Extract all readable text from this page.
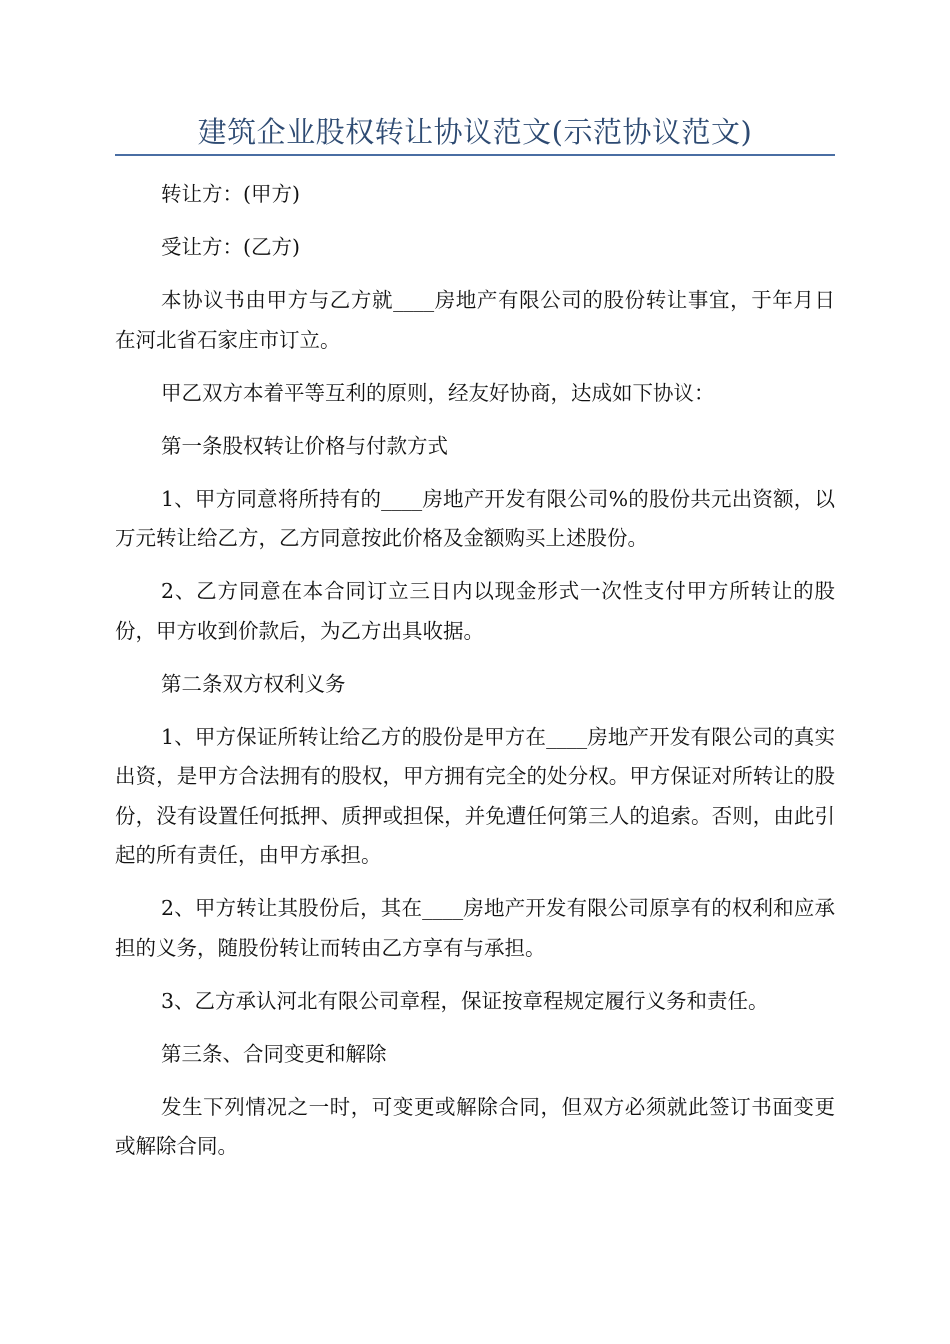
建筑企业股权转让协议范文(示范协议范文)

转让方：(甲方)

受让方：(乙方)

本协议书由甲方与乙方就____房地产有限公司的股份转让事宜，于年月日在河北省石家庄市订立。

甲乙双方本着平等互利的原则，经友好协商，达成如下协议：

第一条股权转让价格与付款方式

1、甲方同意将所持有的____房地产开发有限公司%的股份共元出资额，以万元转让给乙方，乙方同意按此价格及金额购买上述股份。

2、乙方同意在本合同订立三日内以现金形式一次性支付甲方所转让的股份，甲方收到价款后，为乙方出具收据。

第二条双方权利义务

1、甲方保证所转让给乙方的股份是甲方在____房地产开发有限公司的真实出资，是甲方合法拥有的股权，甲方拥有完全的处分权。甲方保证对所转让的股份，没有设置任何抵押、质押或担保，并免遭任何第三人的追索。否则，由此引起的所有责任，由甲方承担。

2、甲方转让其股份后，其在____房地产开发有限公司原享有的权利和应承担的义务，随股份转让而转由乙方享有与承担。

3、乙方承认河北有限公司章程，保证按章程规定履行义务和责任。

第三条、合同变更和解除

发生下列情况之一时，可变更或解除合同，但双方必须就此签订书面变更或解除合同。
